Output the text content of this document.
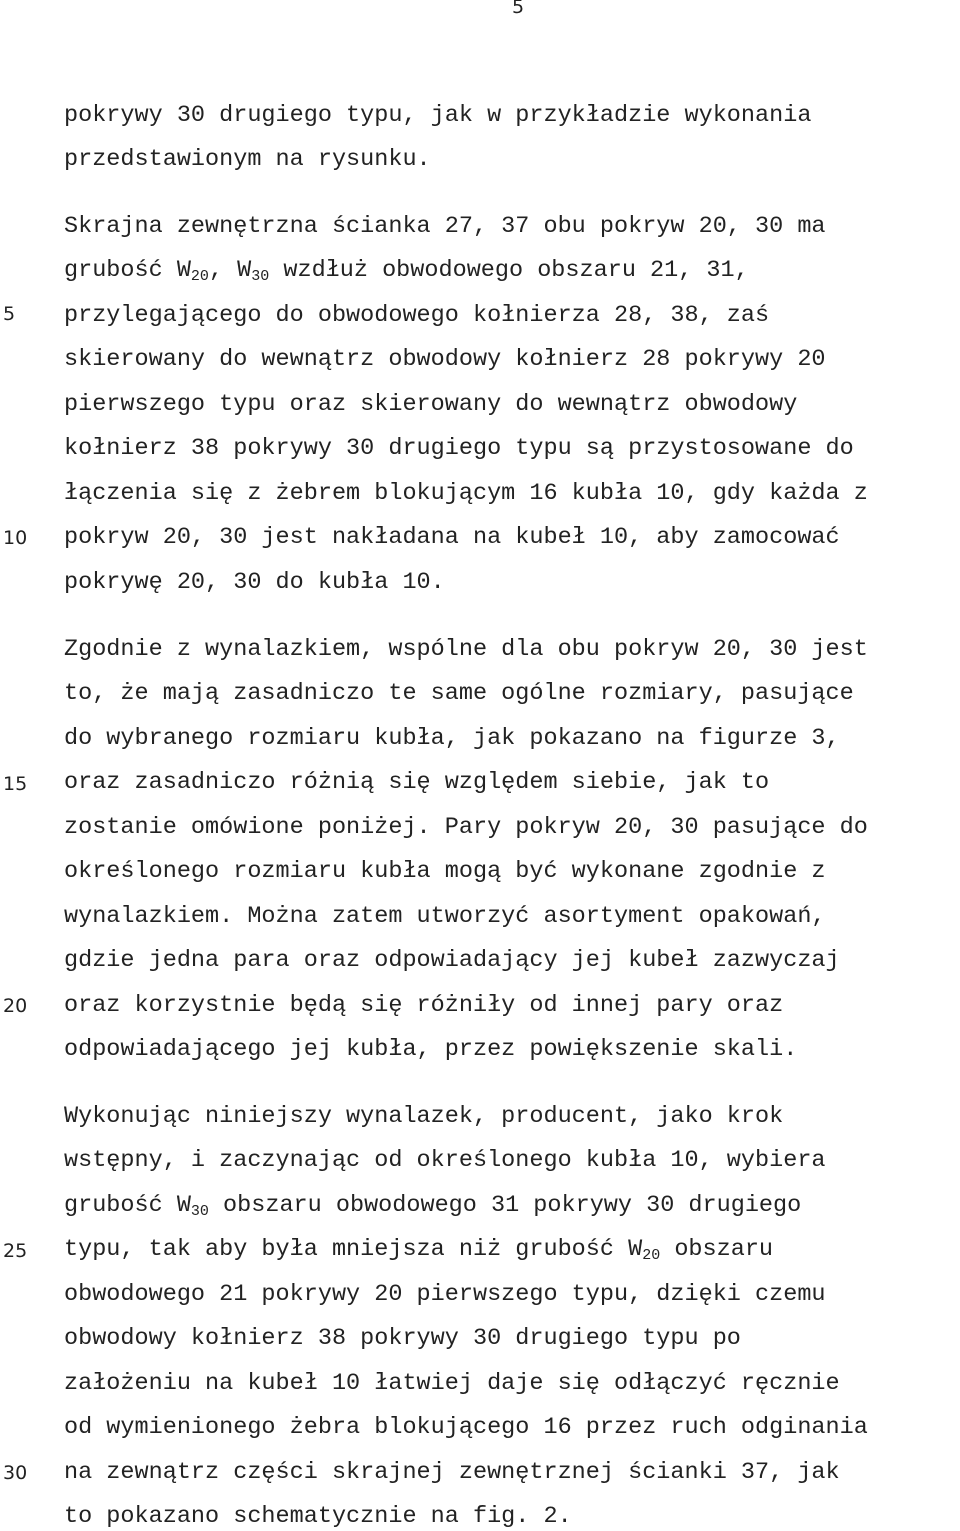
5
5
10
15
20
25
30
pokrywy 30 drugiego typu, jak w przykładzie wykonania
przedstawionym na rysunku.
Skrajna zewnętrzna ścianka 27, 37 obu pokryw 20, 30 ma
grubość $W_{20}$, $W_{30}$ wzdłuż obwodowego obszaru 21, 31,
przylegającego do obwodowego kołnierza 28, 38, zaś
skierowany do wewnątrz obwodowy kołnierz 28 pokrywy 20
pierwszego typu oraz skierowany do wewnątrz obwodowy
kołnierz 38 pokrywy 30 drugiego typu są przystosowane do
łączenia się z żebrem blokującym 16 kubła 10, gdy każda z
pokryw 20, 30 jest nakładana na kubeł 10, aby zamocować
pokrywę 20, 30 do kubła 10.
Zgodnie z wynalazkiem, wspólne dla obu pokryw 20, 30 jest
to, że mają zasadniczo te same ogólne rozmiary, pasujące
do wybranego rozmiaru kubła, jak pokazano na figurze 3,
oraz zasadniczo różnią się względem siebie, jak to
zostanie omówione poniżej. Pary pokryw 20, 30 pasujące do
określonego rozmiaru kubła mogą być wykonane zgodnie z
wynalazkiem. Można zatem utworzyć asortyment opakowań,
gdzie jedna para oraz odpowiadający jej kubeł zazwyczaj
oraz korzystnie będą się różniły od innej pary oraz
odpowiadającego jej kubła, przez powiększenie skali.
Wykonując niniejszy wynalazek, producent, jako krok
wstępny, i zaczynając od określonego kubła 10, wybiera
grubość $W_{30}$ obszaru obwodowego 31 pokrywy 30 drugiego
typu, tak aby była mniejsza niż grubość $W_{20}$ obszaru
obwodowego 21 pokrywy 20 pierwszego typu, dzięki czemu
obwodowy kołnierz 38 pokrywy 30 drugiego typu po
założeniu na kubeł 10 łatwiej daje się odłączyć ręcznie
od wymienionego żebra blokującego 16 przez ruch odginania
na zewnątrz części skrajnej zewnętrznej ścianki 37, jak
to pokazano schematycznie na fig. 2.
